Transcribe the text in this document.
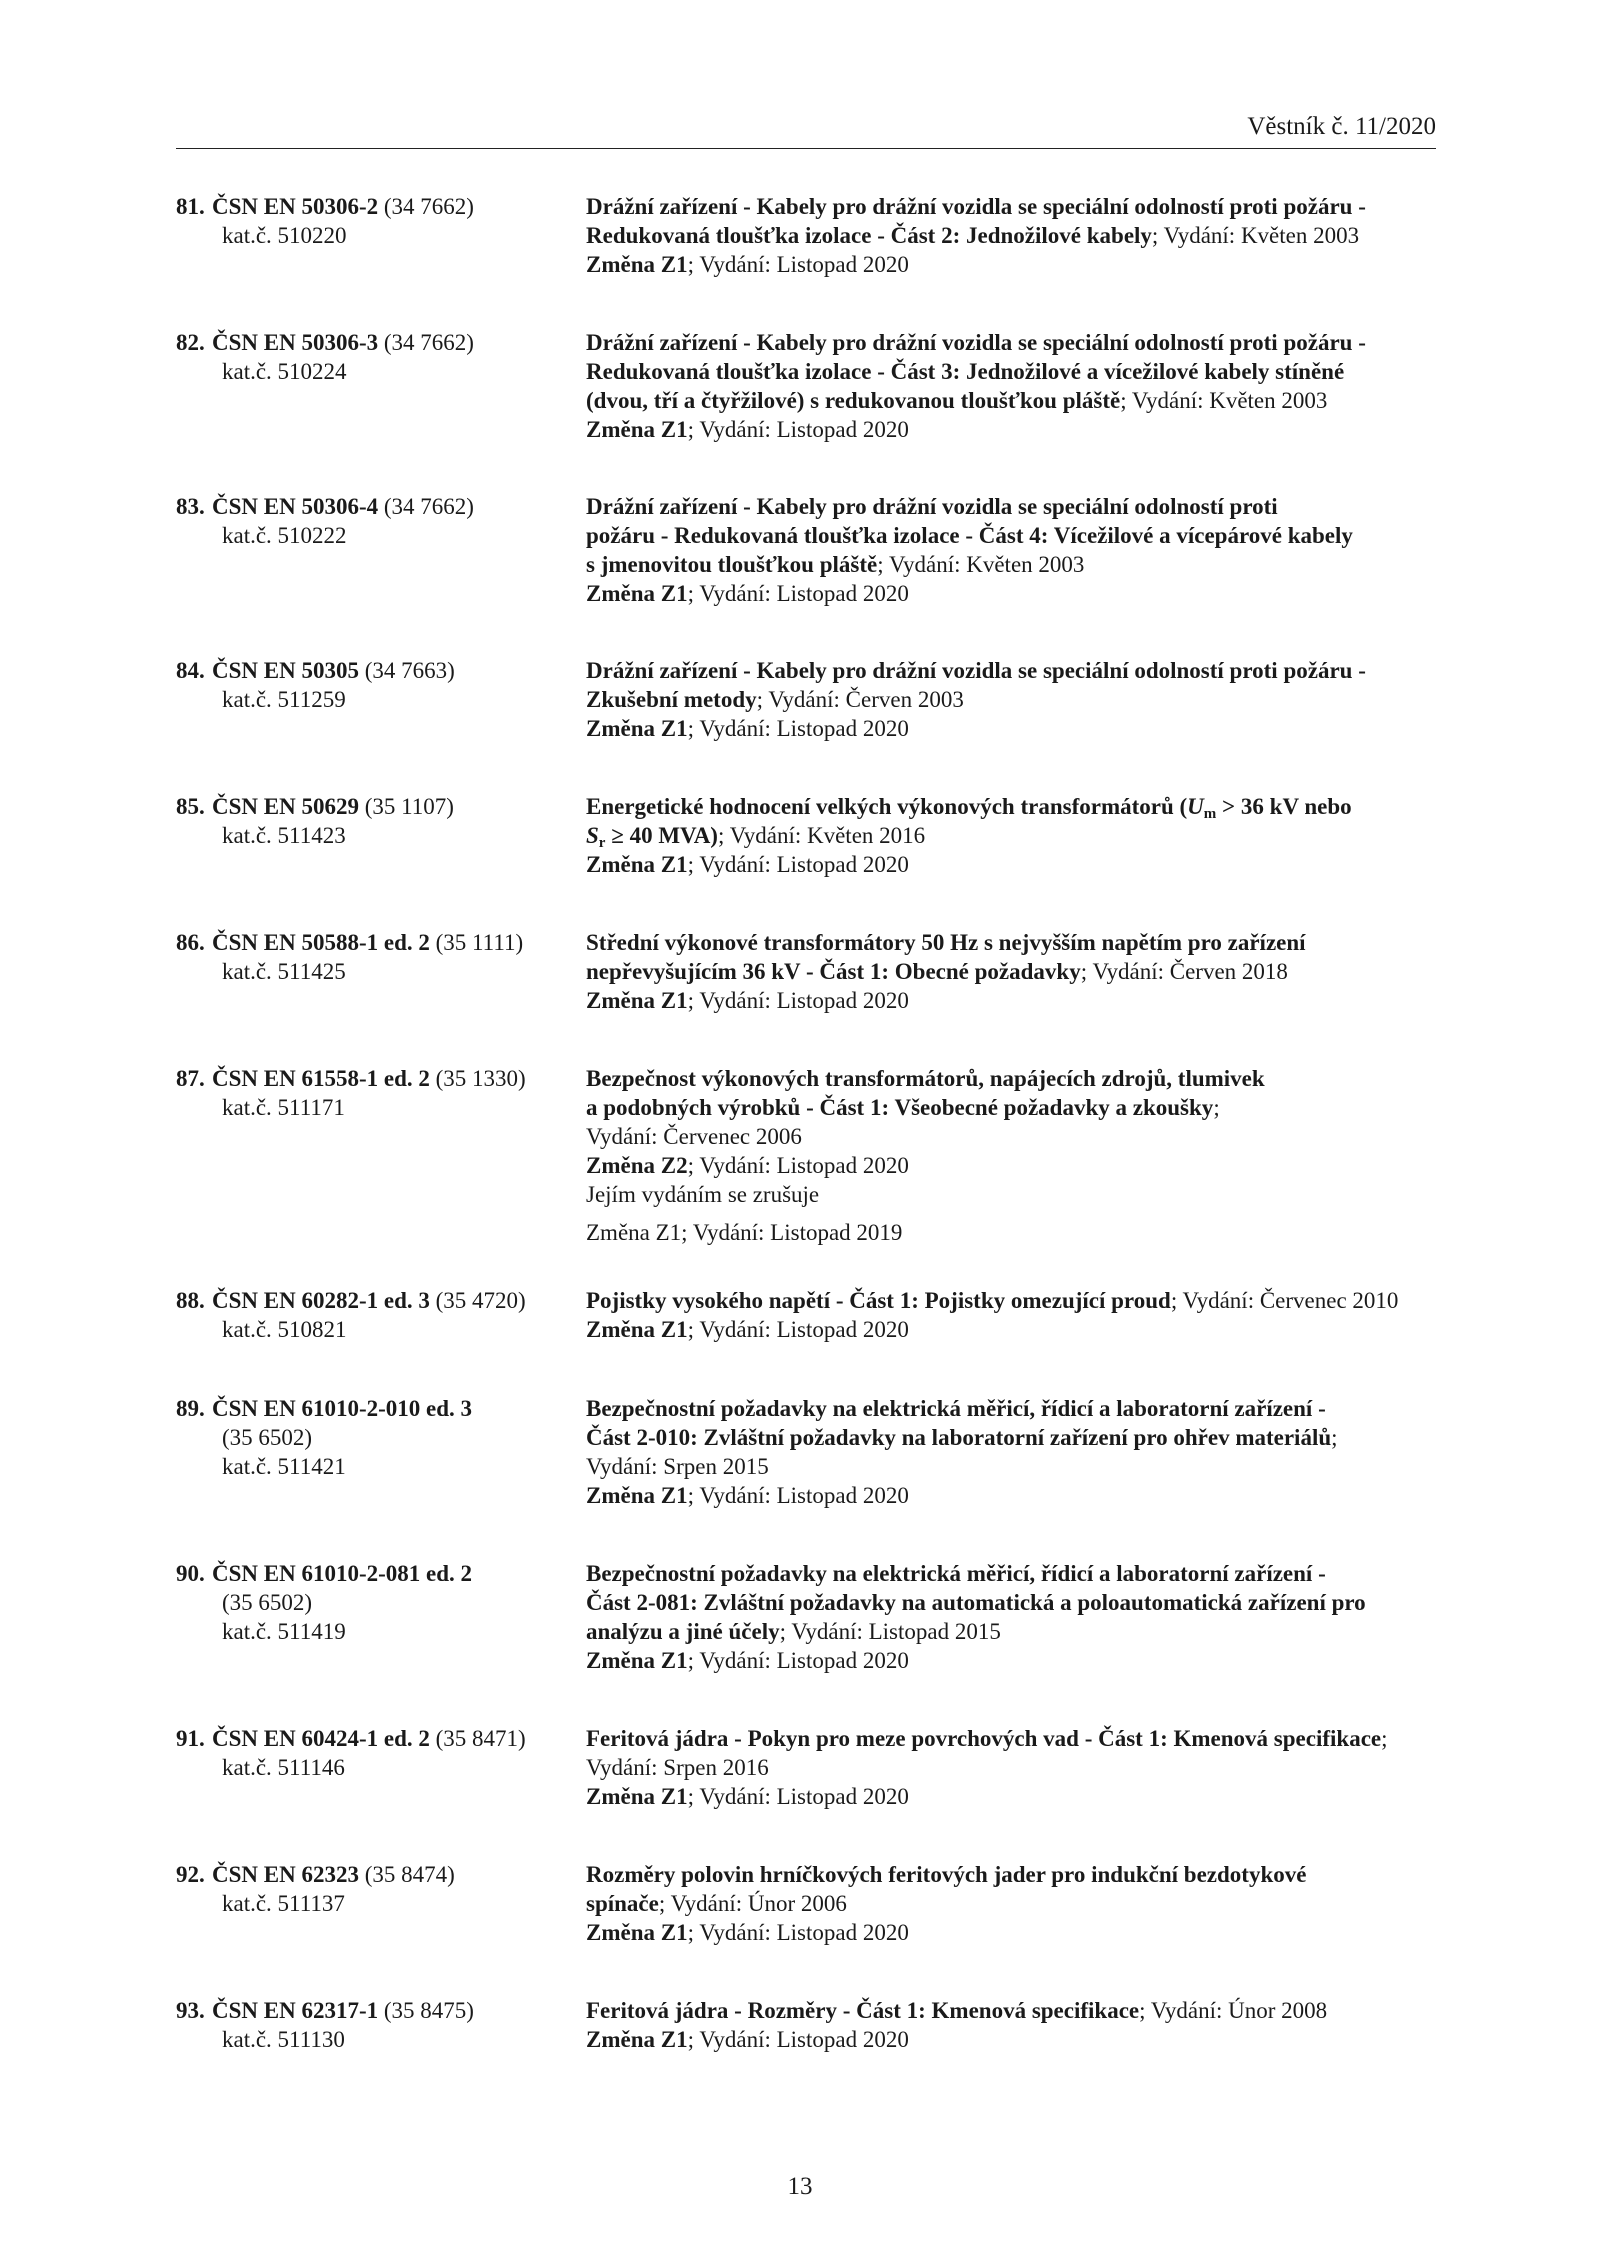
Věstník č. 11/2020
81. ČSN EN 50306-2 (34 7662)
kat.č. 510220
Drážní zařízení - Kabely pro drážní vozidla se speciální odolností proti požáru -
Redukovaná tloušťka izolace - Část 2: Jednožilové kabely; Vydání: Květen 2003
Změna Z1; Vydání: Listopad 2020
82. ČSN EN 50306-3 (34 7662)
kat.č. 510224
Drážní zařízení - Kabely pro drážní vozidla se speciální odolností proti požáru -
Redukovaná tloušťka izolace - Část 3: Jednožilové a vícežilové kabely stíněné
(dvou, tří a čtyřžilové) s redukovanou tloušťkou pláště; Vydání: Květen 2003
Změna Z1; Vydání: Listopad 2020
83. ČSN EN 50306-4 (34 7662)
kat.č. 510222
Drážní zařízení - Kabely pro drážní vozidla se speciální odolností proti
požáru - Redukovaná tloušťka izolace - Část 4: Vícežilové a vícepárové kabely
s jmenovitou tloušťkou pláště; Vydání: Květen 2003
Změna Z1; Vydání: Listopad 2020
84. ČSN EN 50305 (34 7663)
kat.č. 511259
Drážní zařízení - Kabely pro drážní vozidla se speciální odolností proti požáru -
Zkušební metody; Vydání: Červen 2003
Změna Z1; Vydání: Listopad 2020
85. ČSN EN 50629 (35 1107)
kat.č. 511423
Energetické hodnocení velkých výkonových transformátorů ($U_m > 36$ kV nebo
$S_r \ge 40$ MVA); Vydání: Květen 2016
Změna Z1; Vydání: Listopad 2020
86. ČSN EN 50588-1 ed. 2 (35 1111)
kat.č. 511425
Střední výkonové transformátory 50 Hz s nejvyšším napětím pro zařízení
nepřevyšujícím 36 kV - Část 1: Obecné požadavky; Vydání: Červen 2018
Změna Z1; Vydání: Listopad 2020
87. ČSN EN 61558-1 ed. 2 (35 1330)
kat.č. 511171
Bezpečnost výkonových transformátorů, napájecích zdrojů, tlumivek
a podobných výrobků - Část 1: Všeobecné požadavky a zkoušky;
Vydání: Červenec 2006
Změna Z2; Vydání: Listopad 2020
Jejím vydáním se zrušuje
Změna Z1; Vydání: Listopad 2019
88. ČSN EN 60282-1 ed. 3 (35 4720)
kat.č. 510821
Pojistky vysokého napětí - Část 1: Pojistky omezující proud; Vydání: Červenec 2010
Změna Z1; Vydání: Listopad 2020
89. ČSN EN 61010-2-010 ed. 3
(35 6502)
kat.č. 511421
Bezpečnostní požadavky na elektrická měřicí, řídicí a laboratorní zařízení -
Část 2-010: Zvláštní požadavky na laboratorní zařízení pro ohřev materiálů;
Vydání: Srpen 2015
Změna Z1; Vydání: Listopad 2020
90. ČSN EN 61010-2-081 ed. 2
(35 6502)
kat.č. 511419
Bezpečnostní požadavky na elektrická měřicí, řídicí a laboratorní zařízení -
Část 2-081: Zvláštní požadavky na automatická a poloautomatická zařízení pro
analýzu a jiné účely; Vydání: Listopad 2015
Změna Z1; Vydání: Listopad 2020
91. ČSN EN 60424-1 ed. 2 (35 8471)
kat.č. 511146
Feritová jádra - Pokyn pro meze povrchových vad - Část 1: Kmenová specifikace;
Vydání: Srpen 2016
Změna Z1; Vydání: Listopad 2020
92. ČSN EN 62323 (35 8474)
kat.č. 511137
Rozměry polovin hrníčkových feritových jader pro indukční bezdotykové
spínače; Vydání: Únor 2006
Změna Z1; Vydání: Listopad 2020
93. ČSN EN 62317-1 (35 8475)
kat.č. 511130
Feritová jádra - Rozměry - Část 1: Kmenová specifikace; Vydání: Únor 2008
Změna Z1; Vydání: Listopad 2020
13
